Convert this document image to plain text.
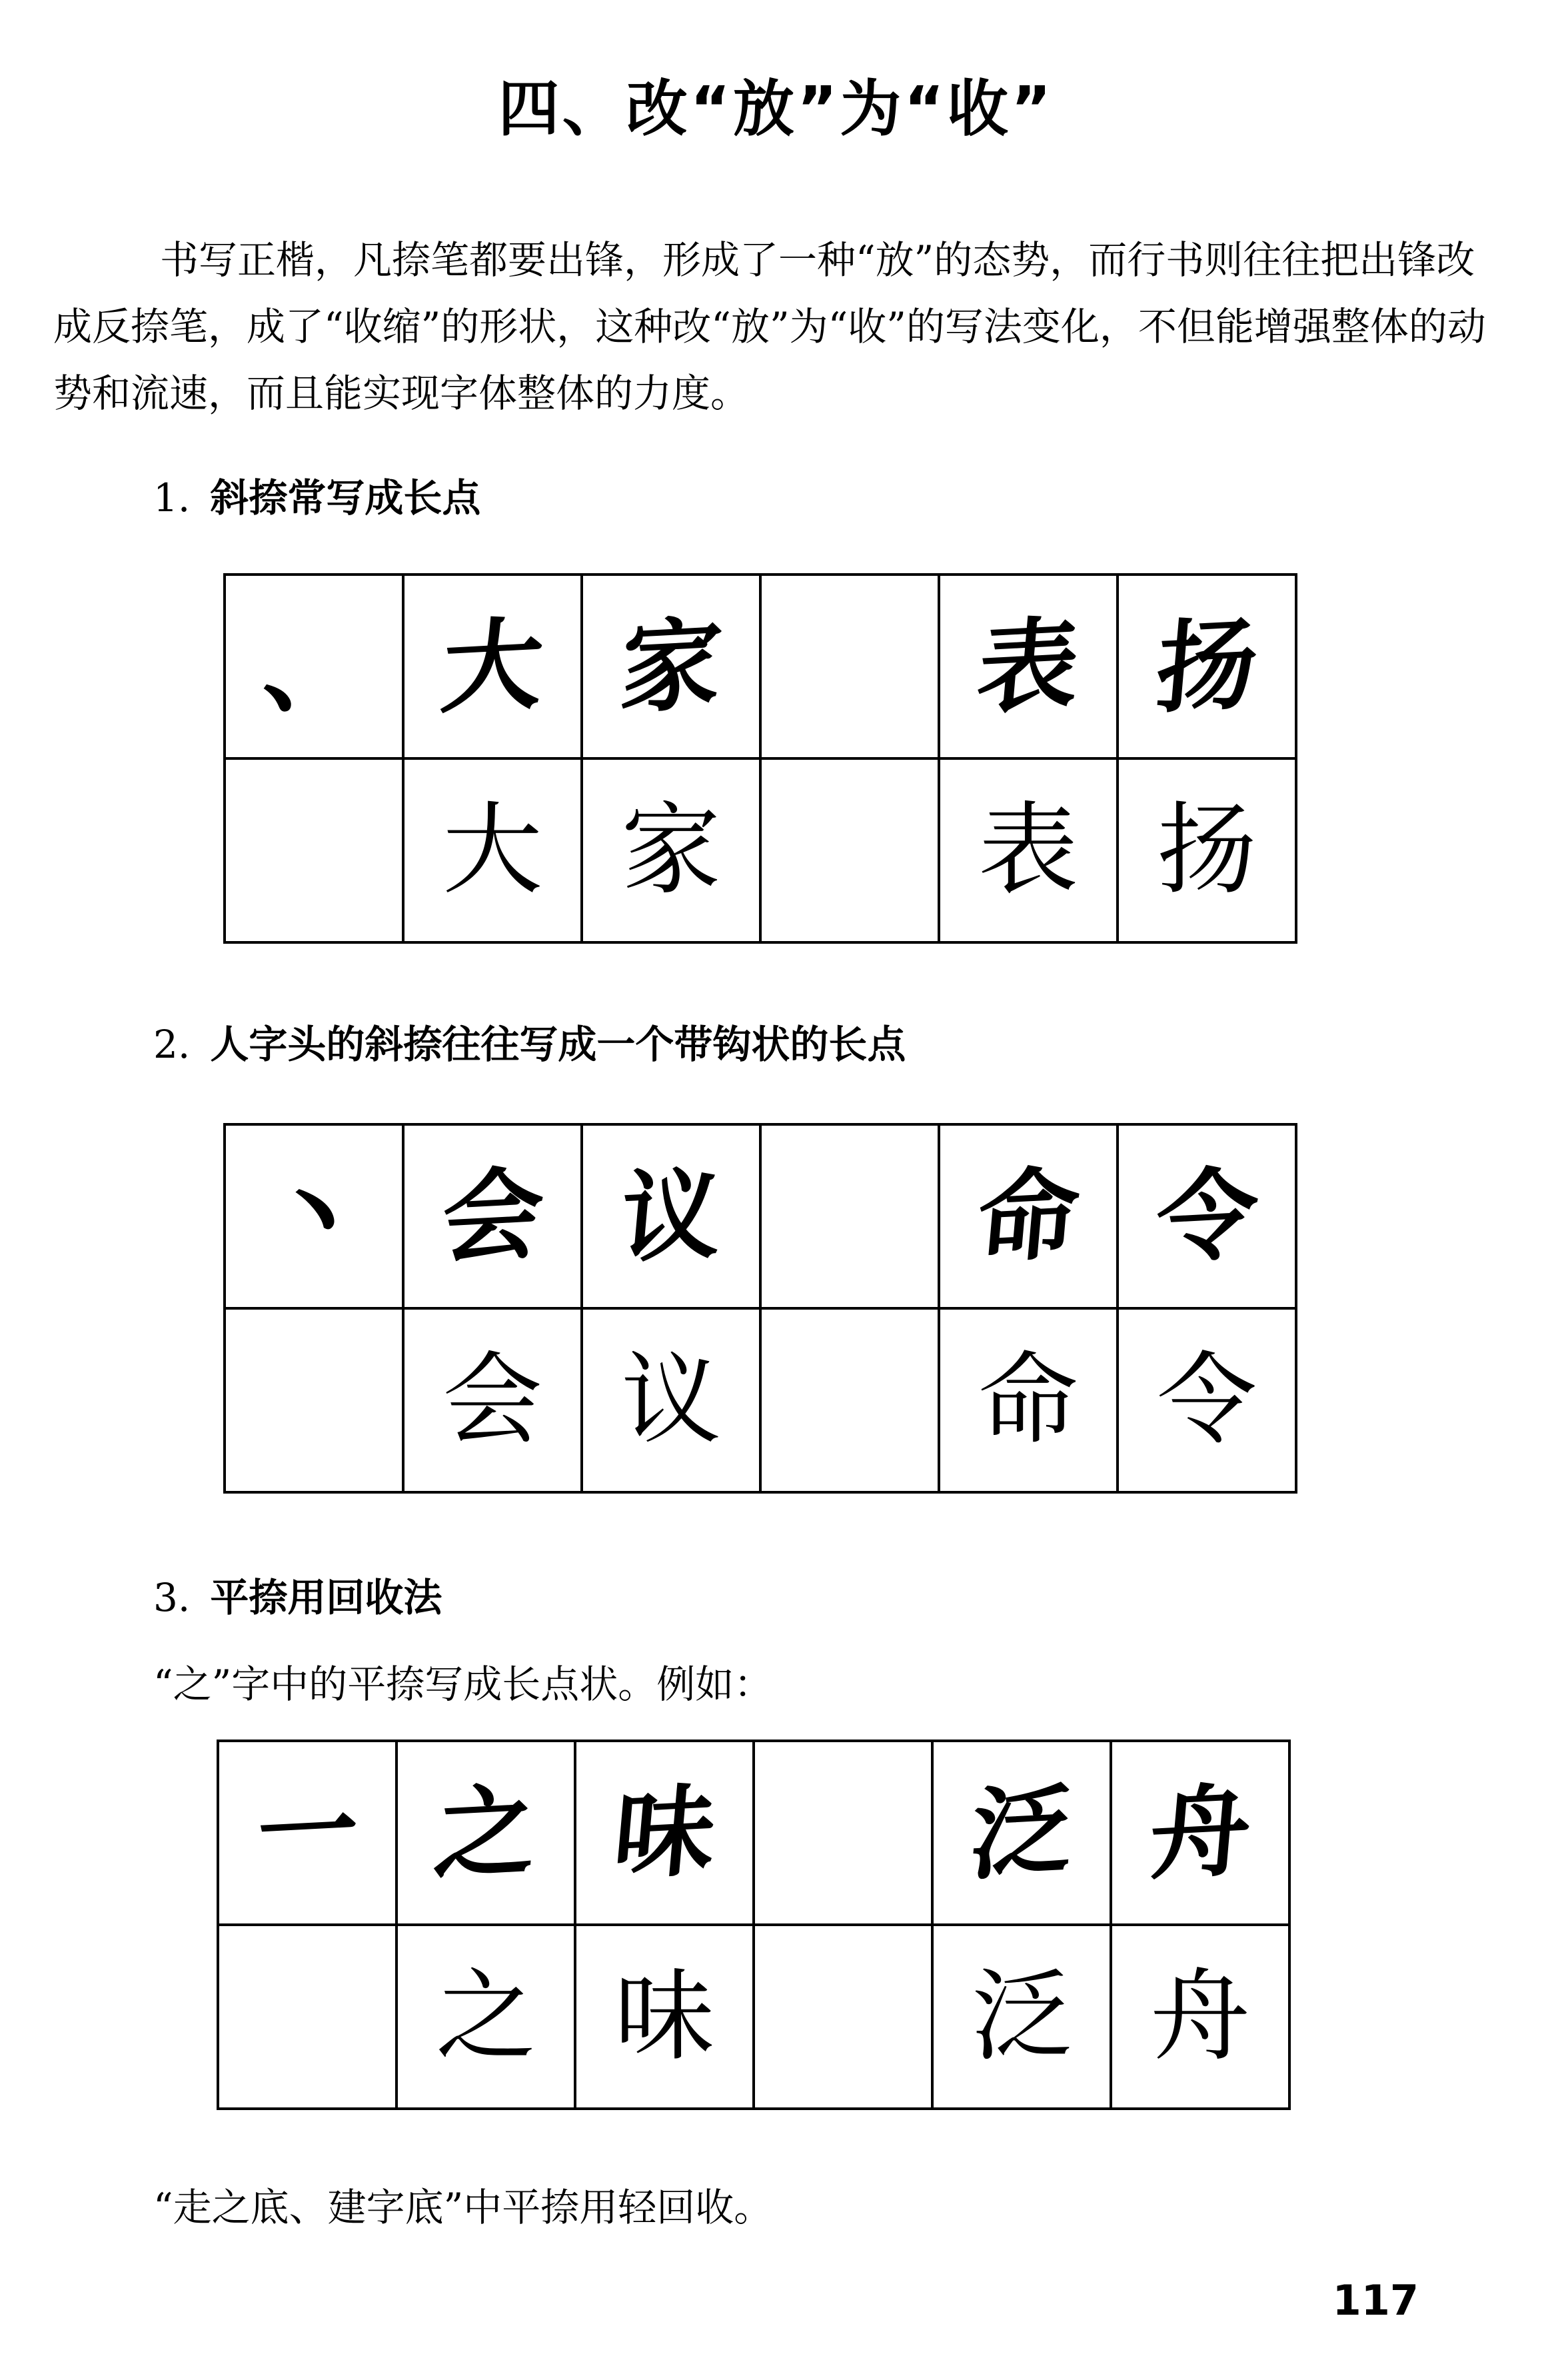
四、改“放”为“收”

书写正楷，凡捺笔都要出锋，形成了一种“放”的态势，而行书则往往把出锋改成反捺笔，成了“收缩”的形状，这种改“放”为“收”的写法变化，不但能增强整体的动势和流速，而且能实现字体整体的力度。

1. 斜捺常写成长点
、	大	家		表	扬
	大	家		表	扬
2. 人字头的斜捺往往写成一个带钩状的长点
丶	会	议		命	令
	会	议		命	令
3. 平捺用回收法
“之”字中的平捺写成长点状。例如：
一	之	味		泛	舟
	之	味		泛	舟
“走之底、建字底”中平捺用轻回收。
117
